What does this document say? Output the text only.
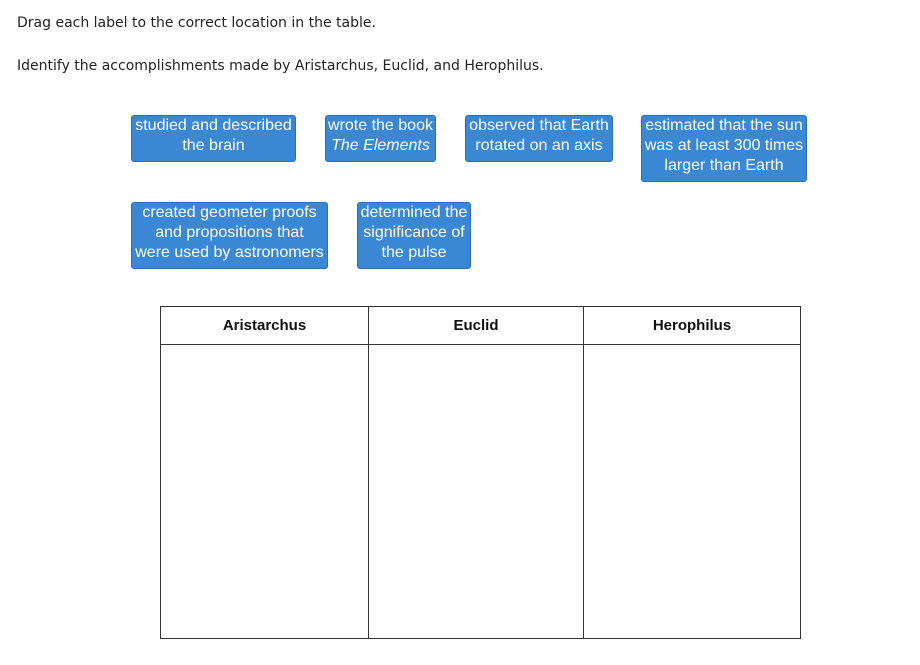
Drag each label to the correct location in the table.
Identify the accomplishments made by Aristarchus, Euclid, and Herophilus.
studied and described
the brain
wrote the book
The Elements
observed that Earth
rotated on an axis
estimated that the sun
was at least 300 times
larger than Earth
created geometer proofs
and propositions that
were used by astronomers
determined the
significance of
the pulse
Aristarchus	Euclid	Herophilus
